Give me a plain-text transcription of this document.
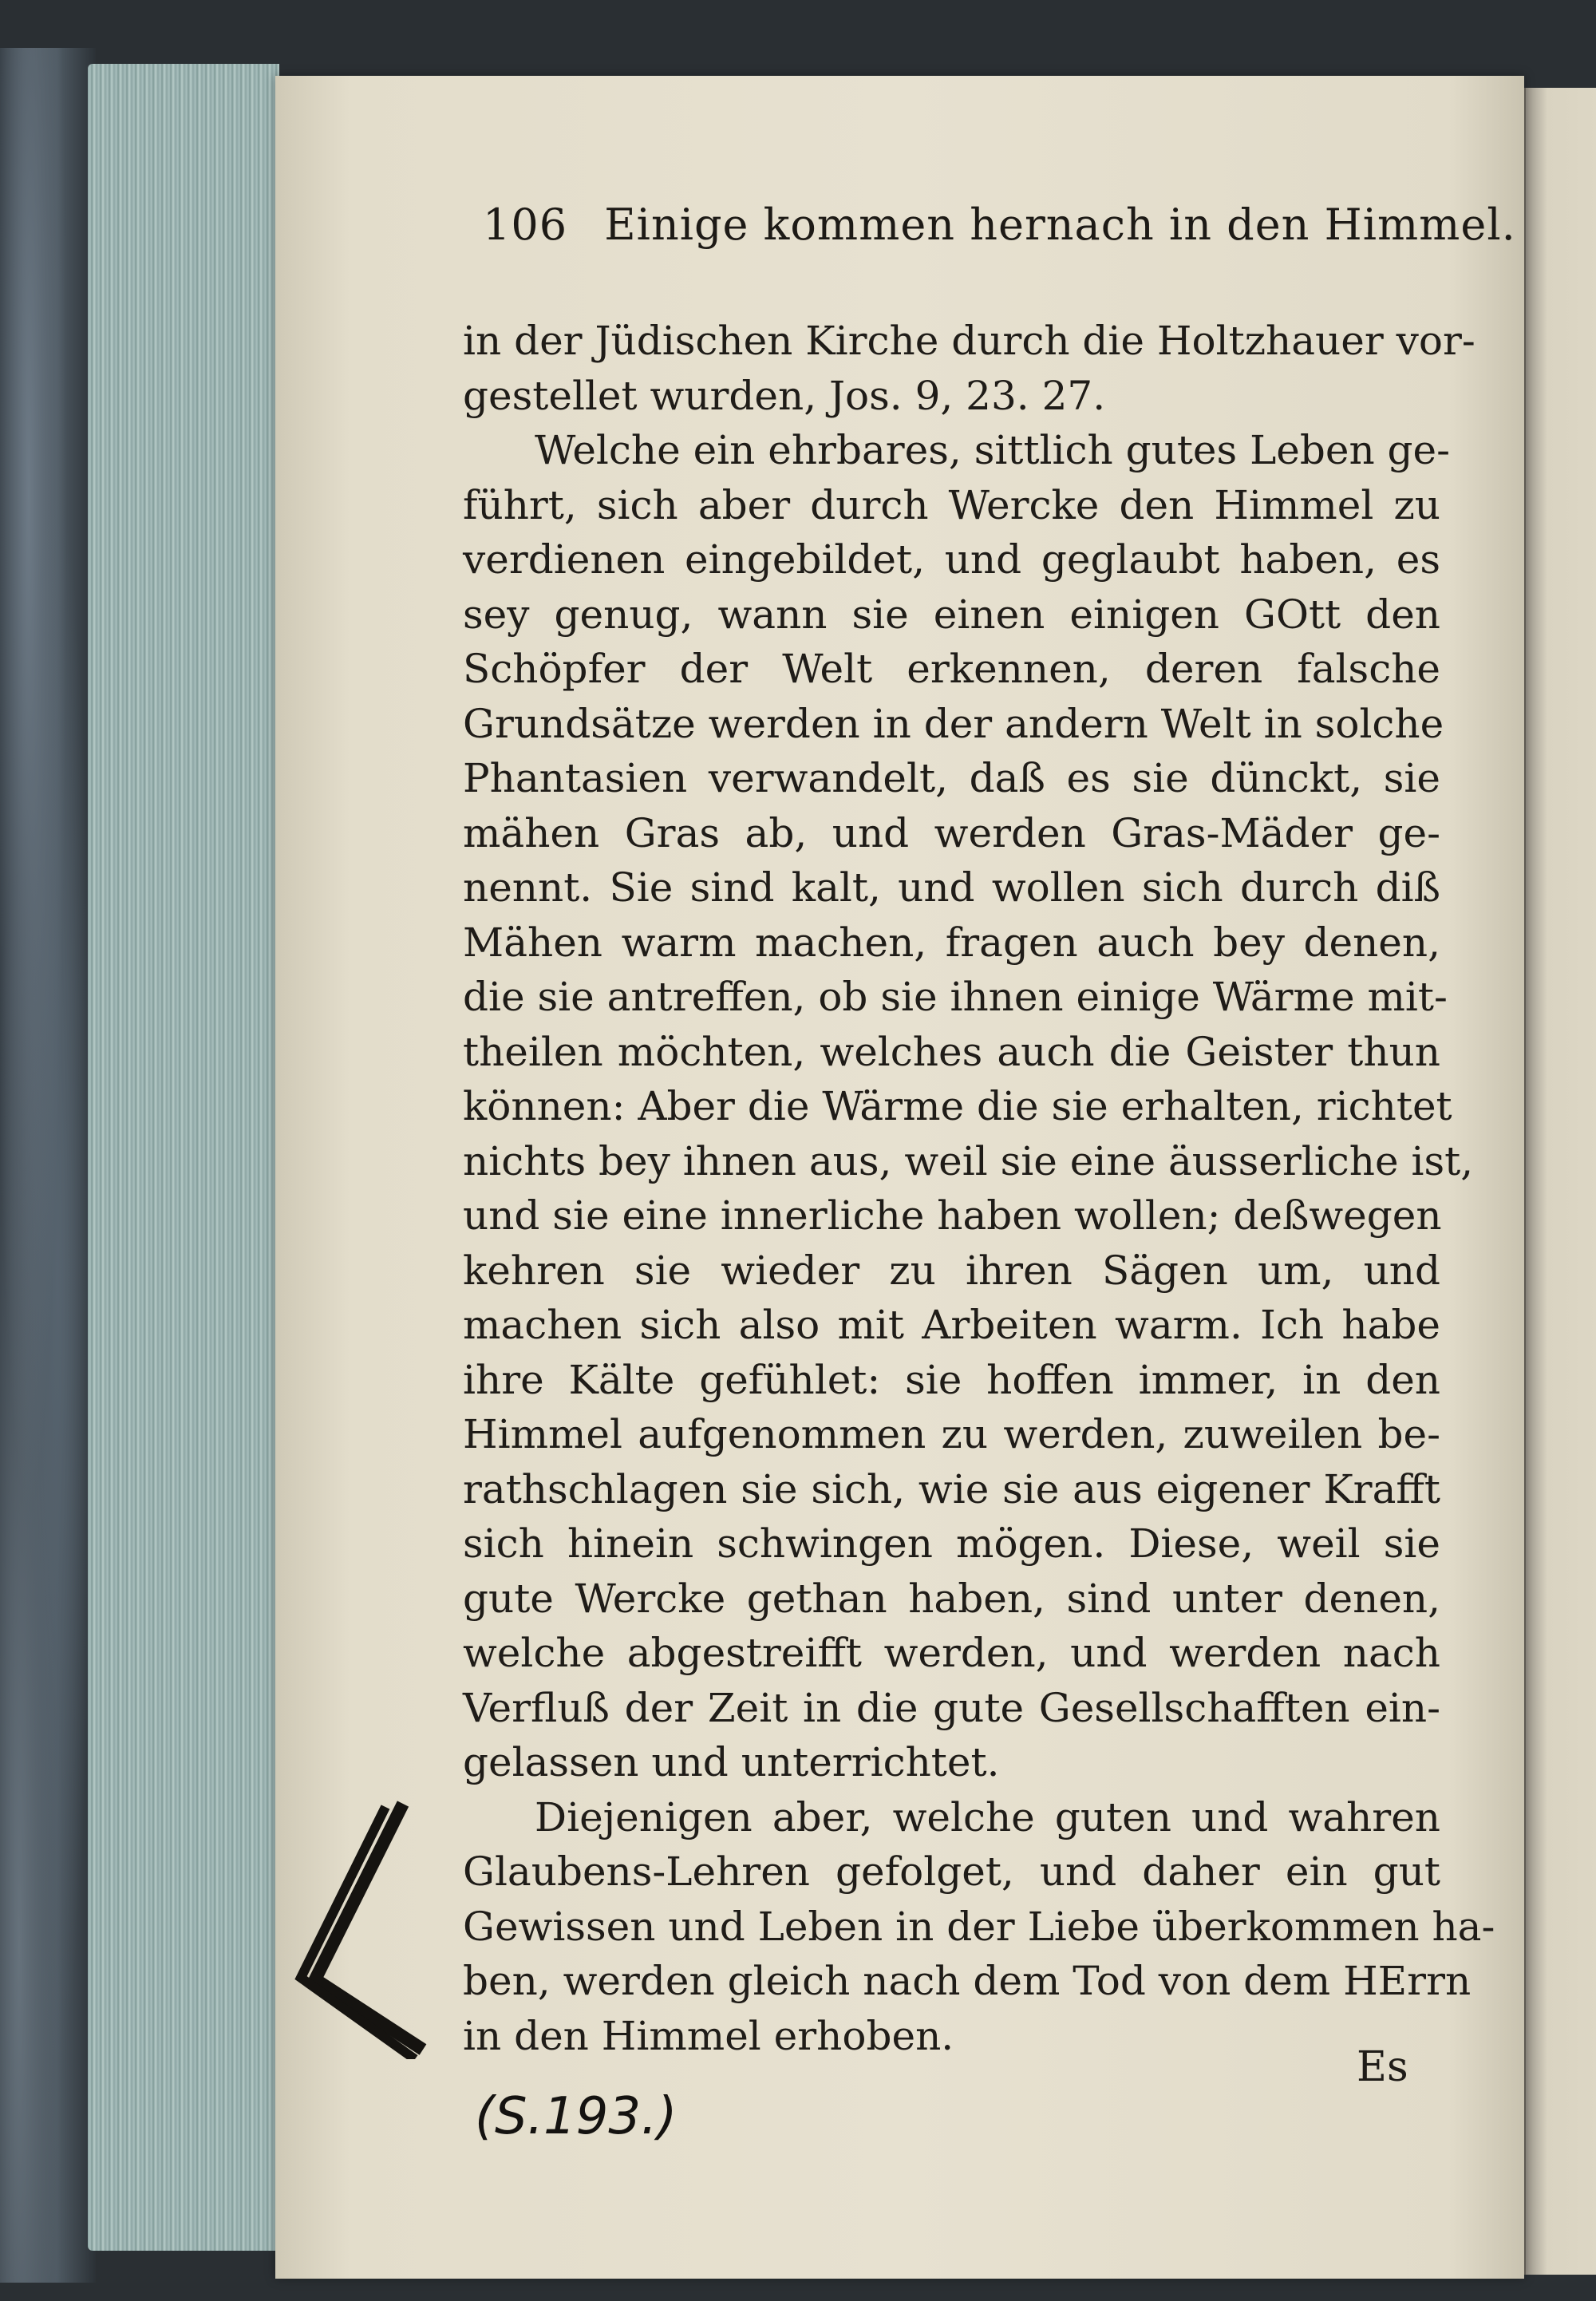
106 Einige kommen hernach in den Himmel.
in der Jüdischen Kirche durch die Holtzhauer vor-
gestellet wurden, Jos. 9, 23. 27.
Welche ein ehrbares, sittlich gutes Leben ge-
führt, sich aber durch Wercke den Himmel zu
verdienen eingebildet, und geglaubt haben, es
sey genug, wann sie einen einigen GOtt den
Schöpfer der Welt erkennen, deren falsche
Grundsätze werden in der andern Welt in solche
Phantasien verwandelt, daß es sie dünckt, sie
mähen Gras ab, und werden Gras-Mäder ge-
nennt. Sie sind kalt, und wollen sich durch diß
Mähen warm machen, fragen auch bey denen,
die sie antreffen, ob sie ihnen einige Wärme mit-
theilen möchten, welches auch die Geister thun
können: Aber die Wärme die sie erhalten, richtet
nichts bey ihnen aus, weil sie eine äusserliche ist,
und sie eine innerliche haben wollen; deßwegen
kehren sie wieder zu ihren Sägen um, und
machen sich also mit Arbeiten warm. Ich habe
ihre Kälte gefühlet: sie hoffen immer, in den
Himmel aufgenommen zu werden, zuweilen be-
rathschlagen sie sich, wie sie aus eigener Krafft
sich hinein schwingen mögen. Diese, weil sie
gute Wercke gethan haben, sind unter denen,
welche abgestreifft werden, und werden nach
Verfluß der Zeit in die gute Gesellschafften ein-
gelassen und unterrichtet.
Diejenigen aber, welche guten und wahren
Glaubens-Lehren gefolget, und daher ein gut
Gewissen und Leben in der Liebe überkommen ha-
ben, werden gleich nach dem Tod von dem HErrn
in den Himmel erhoben.
Es
(S.193.)
